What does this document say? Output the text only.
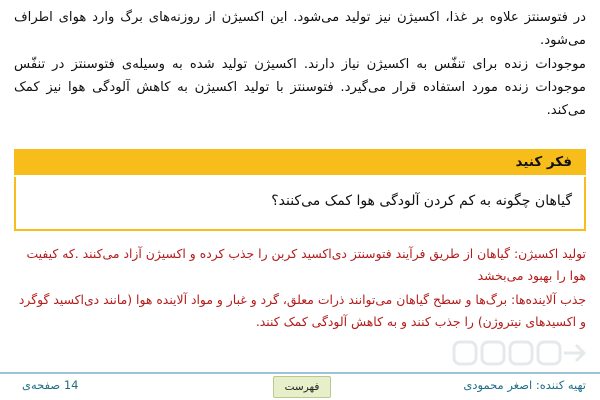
در فتوسنتز علاوه بر غذا، اکسیژن نیز تولید می‌شود. این اکسیژن از روزنه‌های برگ وارد هوای اطراف می‌شود.
موجودات زنده برای تنفّس به اکسیژن نیاز دارند. اکسیژن تولید شده به وسیله‌ی فتوسنتز در تنفّس موجودات زنده مورد استفاده قرار می‌گیرد. فتوسنتز با تولید اکسیژن به کاهش آلودگی هوا نیز کمک می‌کند.
فکر کنید
گیاهان چگونه به کم کردن آلودگی هوا کمک می‌کنند؟
تولید اکسیژن: گیاهان از طریق فرآیند فتوسنتز دی‌اکسید کربن را جذب کرده و اکسیژن آزاد می‌کنند .که کیفیت هوا را بهبود می‌بخشد
جذب آلاینده‌ها: برگ‌ها و سطح گیاهان می‌توانند ذرات معلق، گرد و غبار و مواد آلاینده هوا (مانند دی‌اکسید گوگرد و اکسیدهای نیتروژن) را جذب کنند و به کاهش آلودگی کمک کنند.
تهیه کننده: اصغر محمودی
فهرست
14 صفحه‌ی
